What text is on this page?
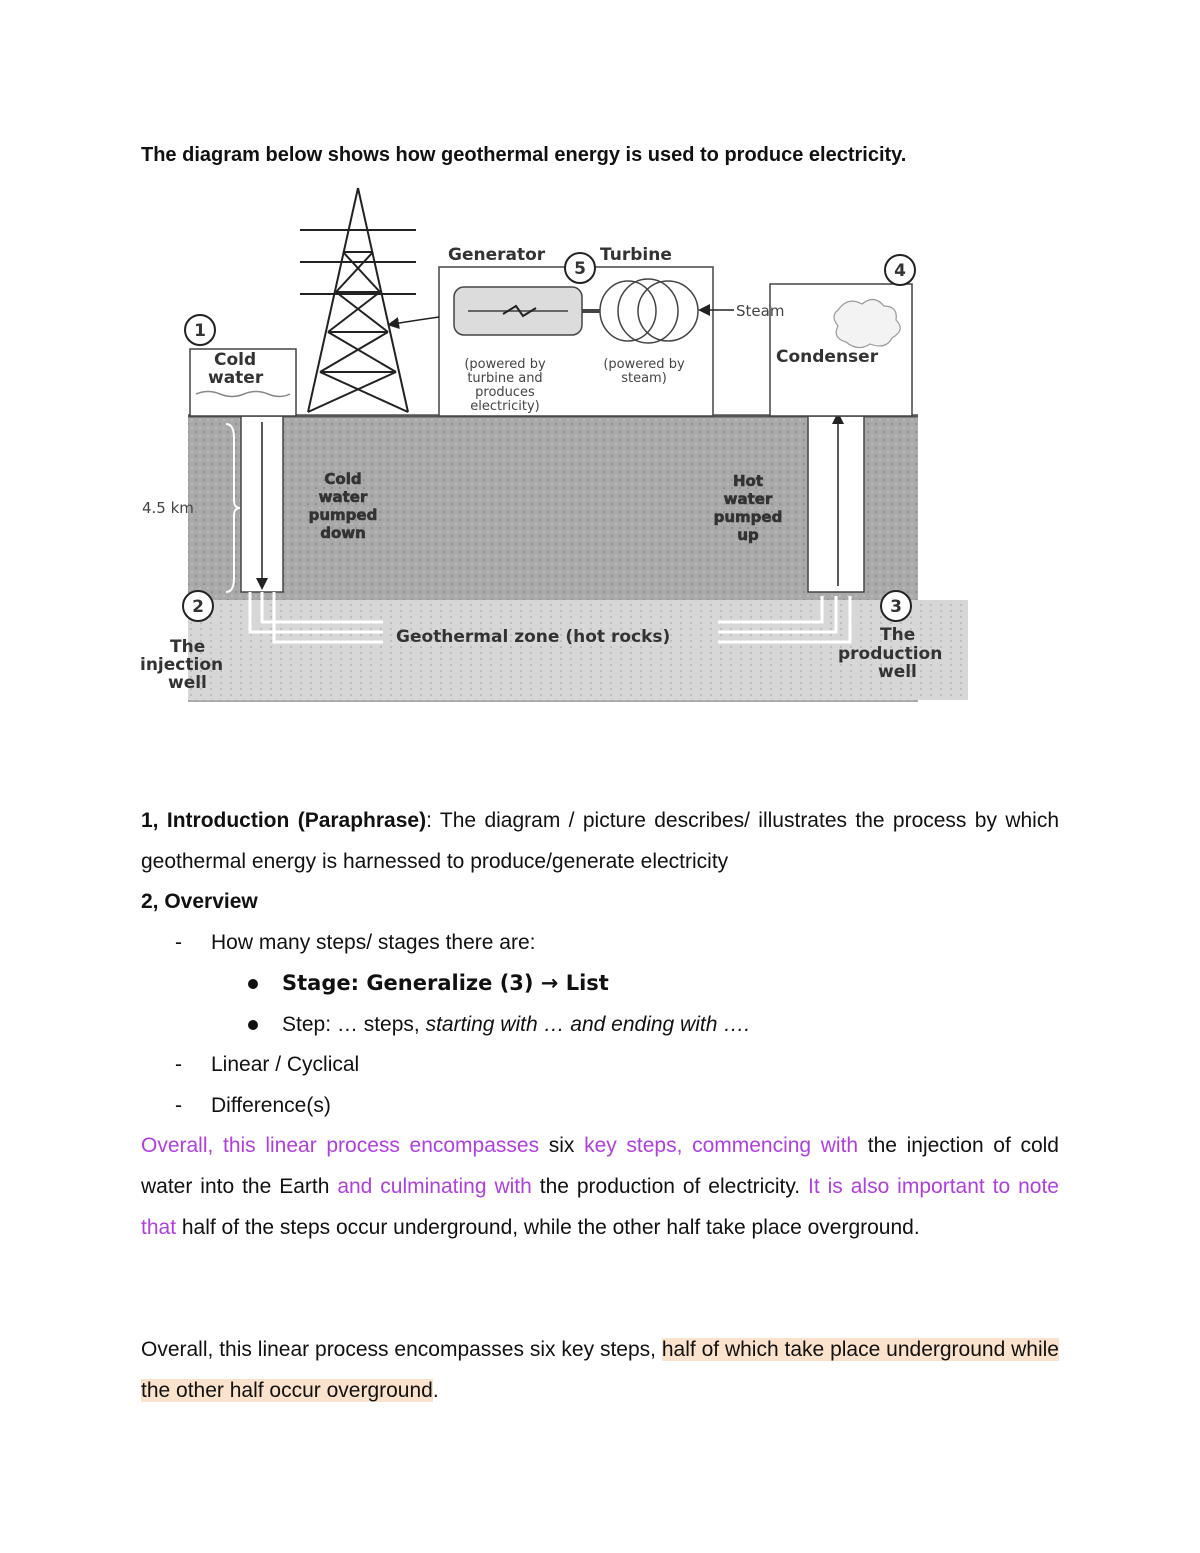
The diagram below shows how geothermal energy is used to produce electricity.
1
2	3
4
5
Generator	Turbine
Condenser
Cold
water
Geothermal zone (hot rocks)
The
injection
well
The
production
well
Steam
4.5 km
(powered by
turbine and
produces
electricity)
(powered by
steam)
Cold
water
pumped
down
Hot
water
pumped
up
1, Introduction (Paraphrase): The diagram / picture describes/ illustrates the process by which geothermal energy is harnessed to produce/generate electricity
2, Overview
- How many steps/ stages there are:
Stage: Generalize (3) → List
Step: … steps, starting with … and ending with ….
- Linear / Cyclical
- Difference(s)
Overall, this linear process encompasses six key steps, commencing with the injection of cold water into the Earth and culminating with the production of electricity. It is also important to note that half of the steps occur underground, while the other half take place overground.
Overall, this linear process encompasses six key steps, half of which take place underground while the other half occur overground.
